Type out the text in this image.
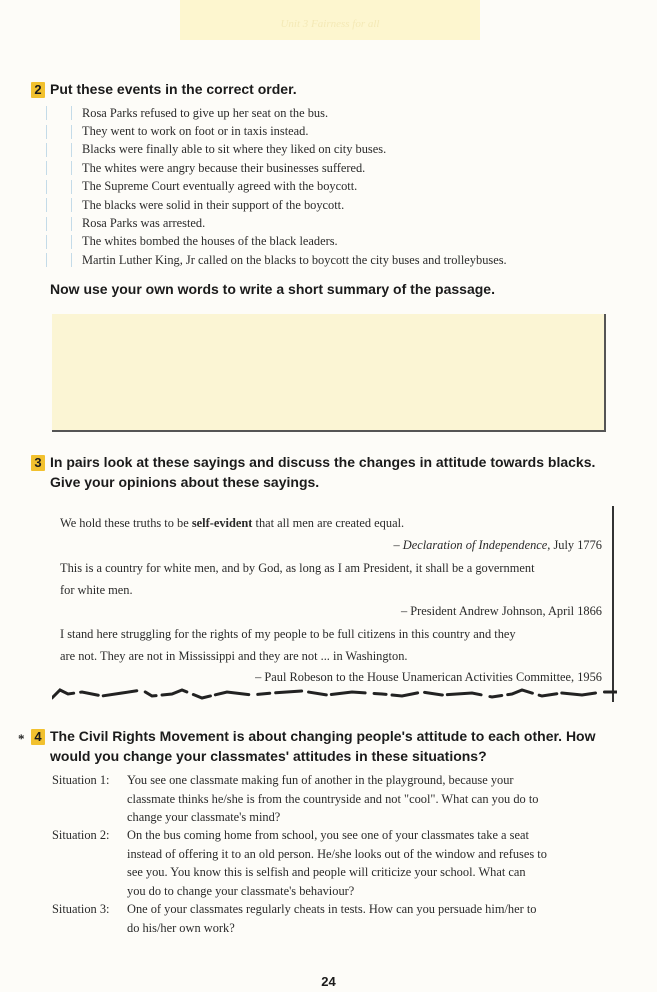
Unit 3 Fairness for all
2 Put these events in the correct order.
Rosa Parks refused to give up her seat on the bus.
They went to work on foot or in taxis instead.
Blacks were finally able to sit where they liked on city buses.
The whites were angry because their businesses suffered.
The Supreme Court eventually agreed with the boycott.
The blacks were solid in their support of the boycott.
Rosa Parks was arrested.
The whites bombed the houses of the black leaders.
Martin Luther King, Jr called on the blacks to boycott the city buses and trolleybuses.
Now use your own words to write a short summary of the passage.
3 In pairs look at these sayings and discuss the changes in attitude towards blacks.
Give your opinions about these sayings.
We hold these truths to be self-evident that all men are created equal.
– Declaration of Independence, July 1776
This is a country for white men, and by God, as long as I am President, it shall be a government
for white men.
– President Andrew Johnson, April 1866
I stand here struggling for the rights of my people to be full citizens in this country and they
are not. They are not in Mississippi and they are not ... in Washington.
– Paul Robeson to the House Unamerican Activities Committee, 1956
* 4 The Civil Rights Movement is about changing people's attitude to each other. How
would you change your classmates' attitudes in these situations?
Situation 1: You see one classmate making fun of another in the playground, because your
classmate thinks he/she is from the countryside and not "cool". What can you do to
change your classmate's mind?
Situation 2: On the bus coming home from school, you see one of your classmates take a seat
instead of offering it to an old person. He/she looks out of the window and refuses to
see you. You know this is selfish and people will criticize your school. What can
you do to change your classmate's behaviour?
Situation 3: One of your classmates regularly cheats in tests. How can you persuade him/her to
do his/her own work?
24
